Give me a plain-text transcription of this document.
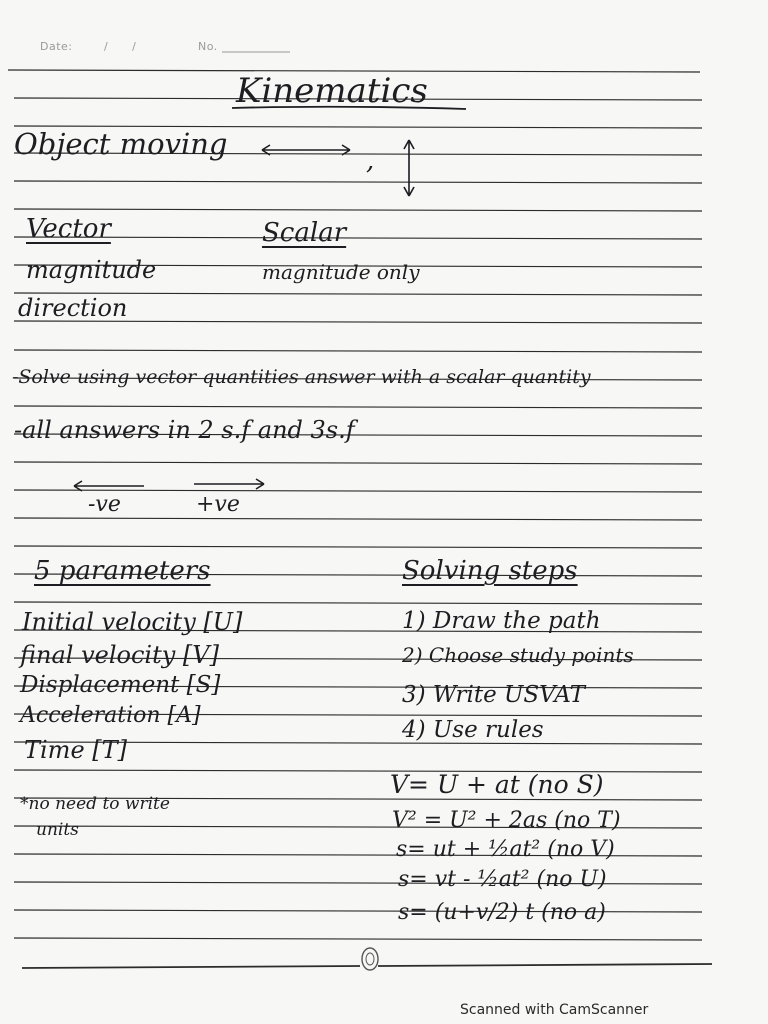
Date:	/      /	No.
Kinematics
Object moving	,
Vector
magnitude
direction
Scalar
magnitude only
-Solve using vector quantities answer with a scalar quantity
-all answers in 2 s.f and 3s.f
-ve	+ve
5 parameters
Initial velocity [U]
final velocity [V]
Displacement [S]
Acceleration [A]
Time [T]
*no need to write
units
Solving steps
1) Draw the path
2) Choose study points
3) Write USVAT
4) Use rules
V= U + at (no S)
V² = U² + 2as (no T)
s= ut + ½at² (no V)
s= vt - ½at² (no U)
s= (u+v/2) t (no a)
Scanned with CamScanner
